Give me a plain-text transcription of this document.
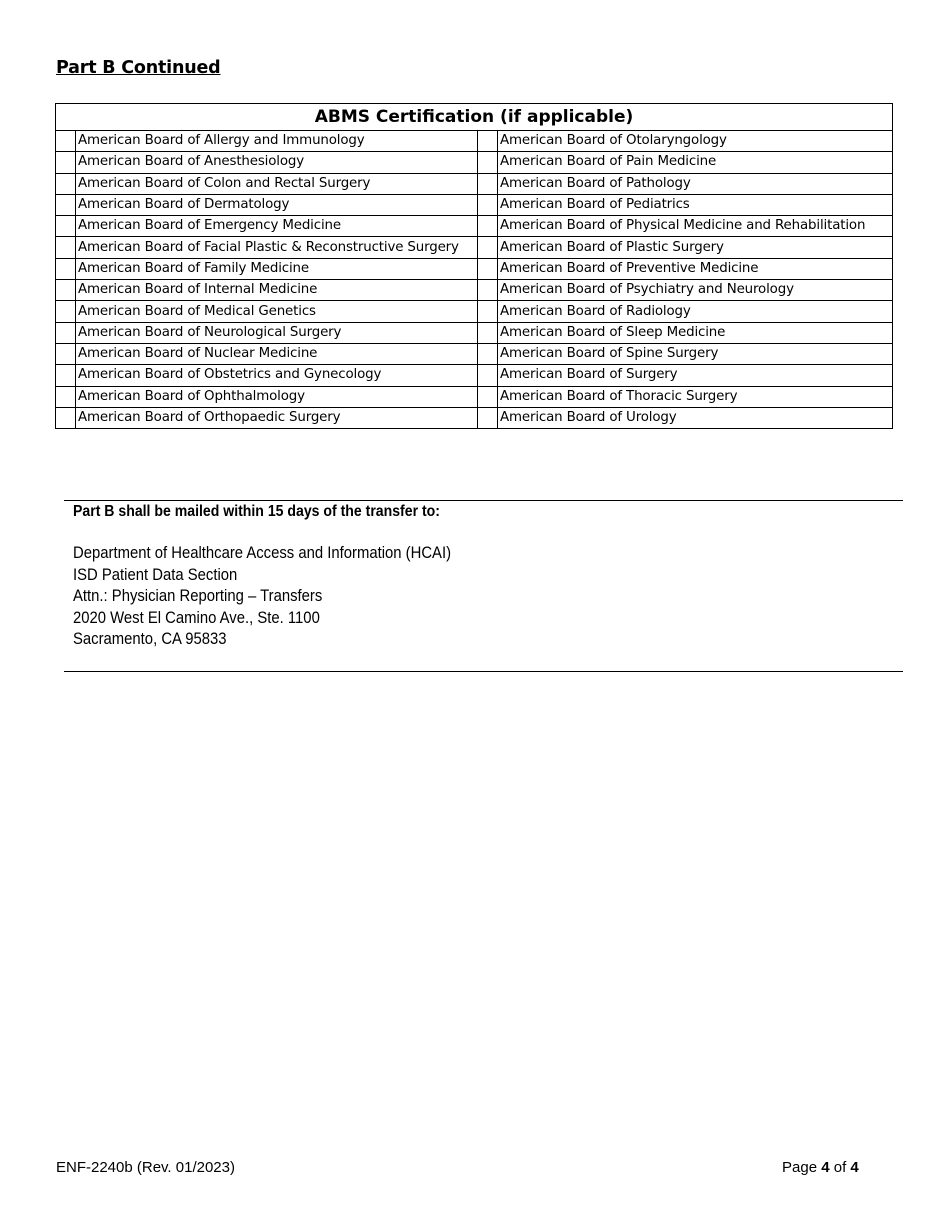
Part B Continued
ABMS Certification (if applicable)			
	American Board of Allergy and Immunology		American Board of Otolaryngology
	American Board of Anesthesiology		American Board of Pain Medicine
	American Board of Colon and Rectal Surgery		American Board of Pathology
	American Board of Dermatology		American Board of Pediatrics
	American Board of Emergency Medicine		American Board of Physical Medicine and Rehabilitation
	American Board of Facial Plastic & Reconstructive Surgery		American Board of Plastic Surgery
	American Board of Family Medicine		American Board of Preventive Medicine
	American Board of Internal Medicine		American Board of Psychiatry and Neurology
	American Board of Medical Genetics		American Board of Radiology
	American Board of Neurological Surgery		American Board of Sleep Medicine
	American Board of Nuclear Medicine		American Board of Spine Surgery
	American Board of Obstetrics and Gynecology		American Board of Surgery
	American Board of Ophthalmology		American Board of Thoracic Surgery
	American Board of Orthopaedic Surgery		American Board of Urology
Part B shall be mailed within 15 days of the transfer to:
Department of Healthcare Access and Information (HCAI)
ISD Patient Data Section
Attn.: Physician Reporting – Transfers
2020 West El Camino Ave., Ste. 1100
Sacramento, CA 95833
ENF-2240b (Rev. 01/2023)	Page 4 of 4
